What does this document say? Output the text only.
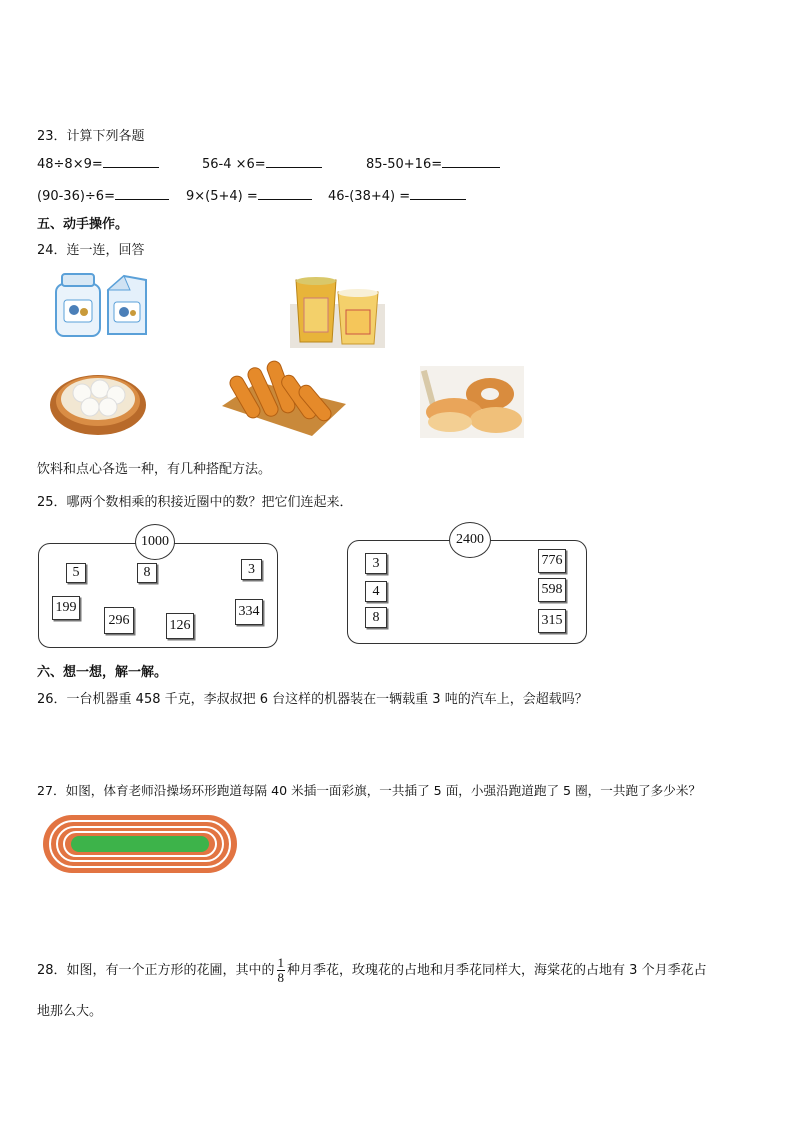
23．计算下列各题
48÷8×9=	56-4 ×6=	85-50+16=
(90-36)÷6=	9×(5+4) =	46-(38+4) =
五、动手操作。
24．连一连，回答
饮料和点心各选一种，有几种搭配方法。
25．哪两个数相乘的积接近圈中的数？把它们连起来．
1000
5	8	3
199
296	126
334
2400
3
4
8
776
598
315
六、想一想，解一解。
26．一台机器重 458 千克，李叔叔把 6 台这样的机器装在一辆载重 3 吨的汽车上，会超载吗？
27．如图，体育老师沿操场环形跑道每隔 40 米插一面彩旗，一共插了 5 面，小强沿跑道跑了 5 圈，一共跑了多少米？
28．如图，有一个正方形的花圃，其中的 $\frac{1}{8}$ 种月季花，玫瑰花的占地和月季花同样大，海棠花的占地有 3 个月季花占
地那么大。
